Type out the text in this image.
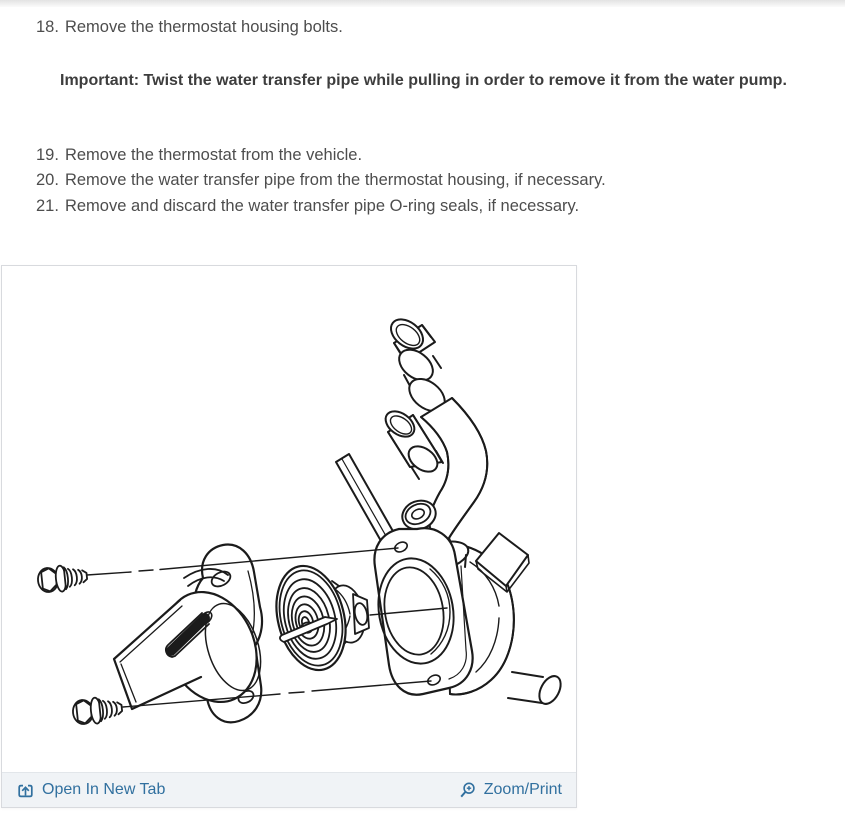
18. Remove the thermostat housing bolts.
Important: Twist the water transfer pipe while pulling in order to remove it from the water pump.
19. Remove the thermostat from the vehicle.
20. Remove the water transfer pipe from the thermostat housing, if necessary.
21. Remove and discard the water transfer pipe O-ring seals, if necessary.
Open In New Tab	Zoom/Print
